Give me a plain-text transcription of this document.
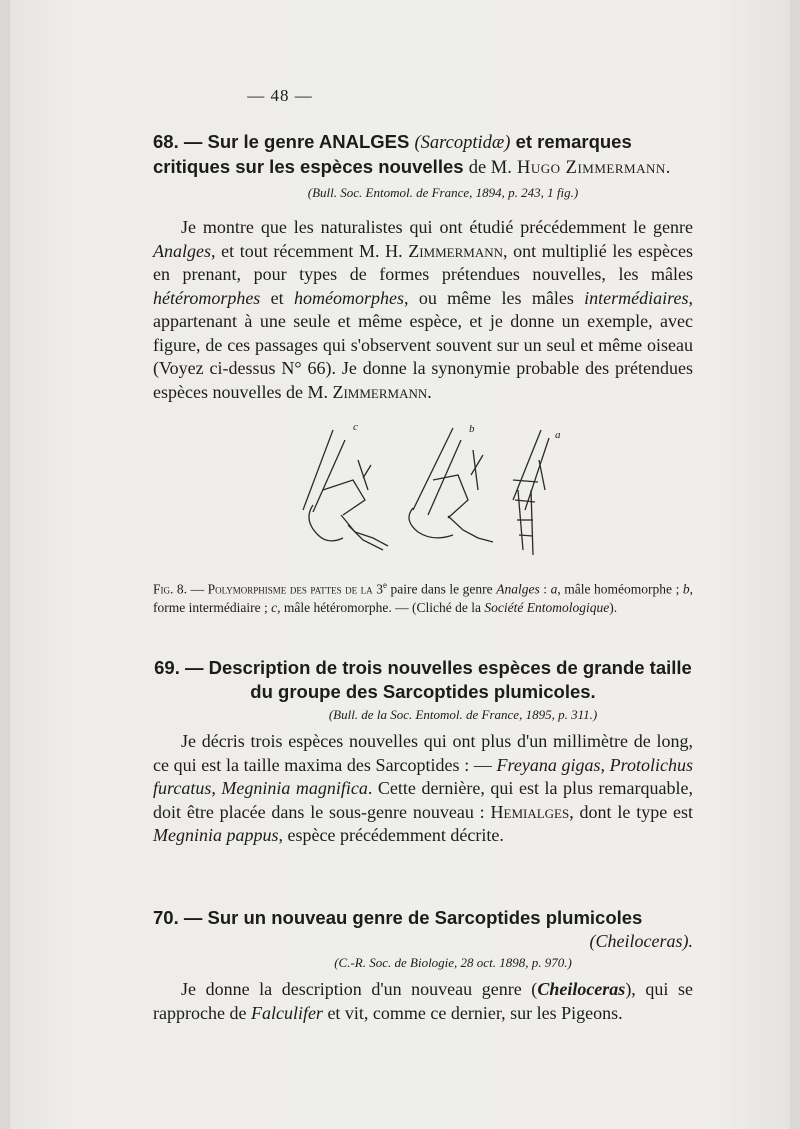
— 48 —

68. — Sur le genre ANALGES (Sarcoptidæ) et remarques critiques sur les espèces nouvelles de M. Hugo Zimmermann.

(Bull. Soc. Entomol. de France, 1894, p. 243, 1 fig.)

Je montre que les naturalistes qui ont étudié précédemment le genre Analges, et tout récemment M. H. Zimmermann, ont multiplié les espèces en prenant, pour types de formes prétendues nouvelles, les mâles hétéromorphes et homéomorphes, ou même les mâles intermédiaires, appartenant à une seule et même espèce, et je donne un exemple, avec figure, de ces passages qui s'observent souvent sur un seul et même oiseau (Voyez ci-dessus N° 66). Je donne la synonymie probable des prétendues espèces nouvelles de M. Zimmermann.

c	b	a

Fig. 8. — Polymorphisme des pattes de la 3e paire dans le genre Analges : a, mâle homéomorphe ; b, forme intermédiaire ; c, mâle hétéromorphe. — (Cliché de la Société Entomologique).

69. — Description de trois nouvelles espèces de grande taille du groupe des Sarcoptides plumicoles.

(Bull. de la Soc. Entomol. de France, 1895, p. 311.)

Je décris trois espèces nouvelles qui ont plus d'un millimètre de long, ce qui est la taille maxima des Sarcoptides : — Freyana gigas, Protolichus furcatus, Megninia magnifica. Cette dernière, qui est la plus remarquable, doit être placée dans le sous-genre nouveau : Hemialges, dont le type est Megninia pappus, espèce précédemment décrite.

70. — Sur un nouveau genre de Sarcoptides plumicoles

(Cheiloceras).

(C.-R. Soc. de Biologie, 28 oct. 1898, p. 970.)

Je donne la description d'un nouveau genre (Cheiloceras), qui se rapproche de Falculifer et vit, comme ce dernier, sur les Pigeons.
